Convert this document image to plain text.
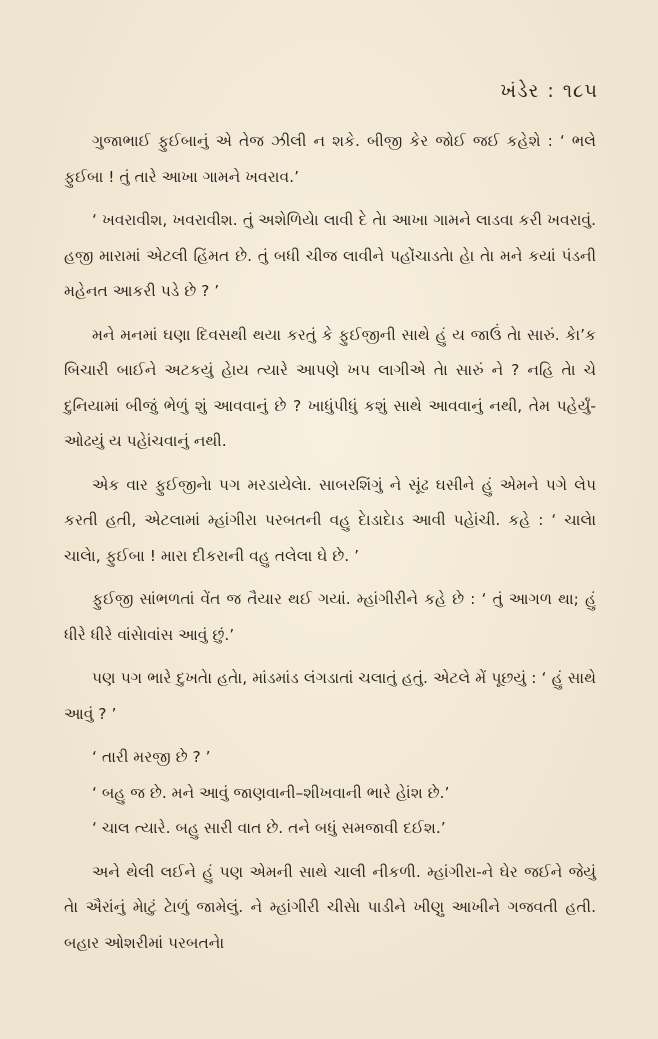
ખંડેર : ૧૮૫

ગુજાભાઈ ફુઈબાનું એ તેજ ઝીલી ન શકે. બીજી કેર જોઈ જઈ કહેશે : ‘ ભલે ફુઈબા ! તું તારે આખા ગામને ખવરાવ.’

‘ ખવરાવીશ, ખવરાવીશ. તું અશેળિયેા લાવી દે તેા આખા ગામને લાડવા કરી ખવરાવું. હજી મારામાં એટલી હિંમત છે. તું બધી ચીજ લાવીને પહોંચાડતેા હેા તેા મને કયાં પંડની મહેનત આકરી પડે છે ? ’

મને મનમાં ઘણા દિવસથી થયા કરતું કે ફુઈજીની સાથે હું ય જાઉં તેા સારું. કેા’ક બિચારી બાઈને અટકયું હેાય ત્યારે આપણે ખપ લાગીએ તેા સારું ને ? નહિ તેા ચે દુનિયામાં બીજું ભેળું શું આવવાનું છે ? ખાધું‌પીધું કશું સાથે આવવાનું નથી, તેમ પહેર્યું-ઓઢયું ય પહેાંચવાનું નથી.

એક વાર ફુઈજીનેા પગ મરડાયેલેા. સાબરશિંગું ને સૂંઢ ઘસીને હું એમને પગે લેપ કરતી હતી, એટલામાં મ્હાંગીરા પરબતની વહુ દેાડાદેાડ આવી પહેાંચી. કહે : ‘ ચાલેા ચાલેા, ફુઈબા ! મારા દીકરાની વહુ તલેલા ઘે છે. ’

ફુઈજી સાંભળતાં વેંત જ તૈયાર થઈ ગયાં. મ્હાંગીરીને કહે છે : ‘ તું આગળ થા; હું ધીરે ધીરે વાંસેાવાંસ આવું છું.’

પણ પગ ભારે દુખતેા હતેા, માંડમાંડ લંગડાતાં ચલાતું હતું. એટલે મેં પૂછયું : ‘ હું સાથે આવું ? ’

‘ તારી મરજી છે ? ’

‘ બહુ જ છે. મને આવું જાણવાની–શીખવાની ભારે હેાંશ છે.’

‘ ચાલ ત્યારે. બહુ સારી વાત છે. તને બધું સમજાવી દઈશ.’

અને થેલી લઈને હું પણ એમની સાથે ચાલી નીકળી. મ્હાંગીરા-ને ઘેર જઈને જેયું તેા ઐરાંનું મેાટું ટેાળું જામેલું. ને મ્હાંગીરી ચીસેા પાડીને ખીણુ આખીને ગજવતી હતી. બહાર ઓશરીમાં પરબતનેા
